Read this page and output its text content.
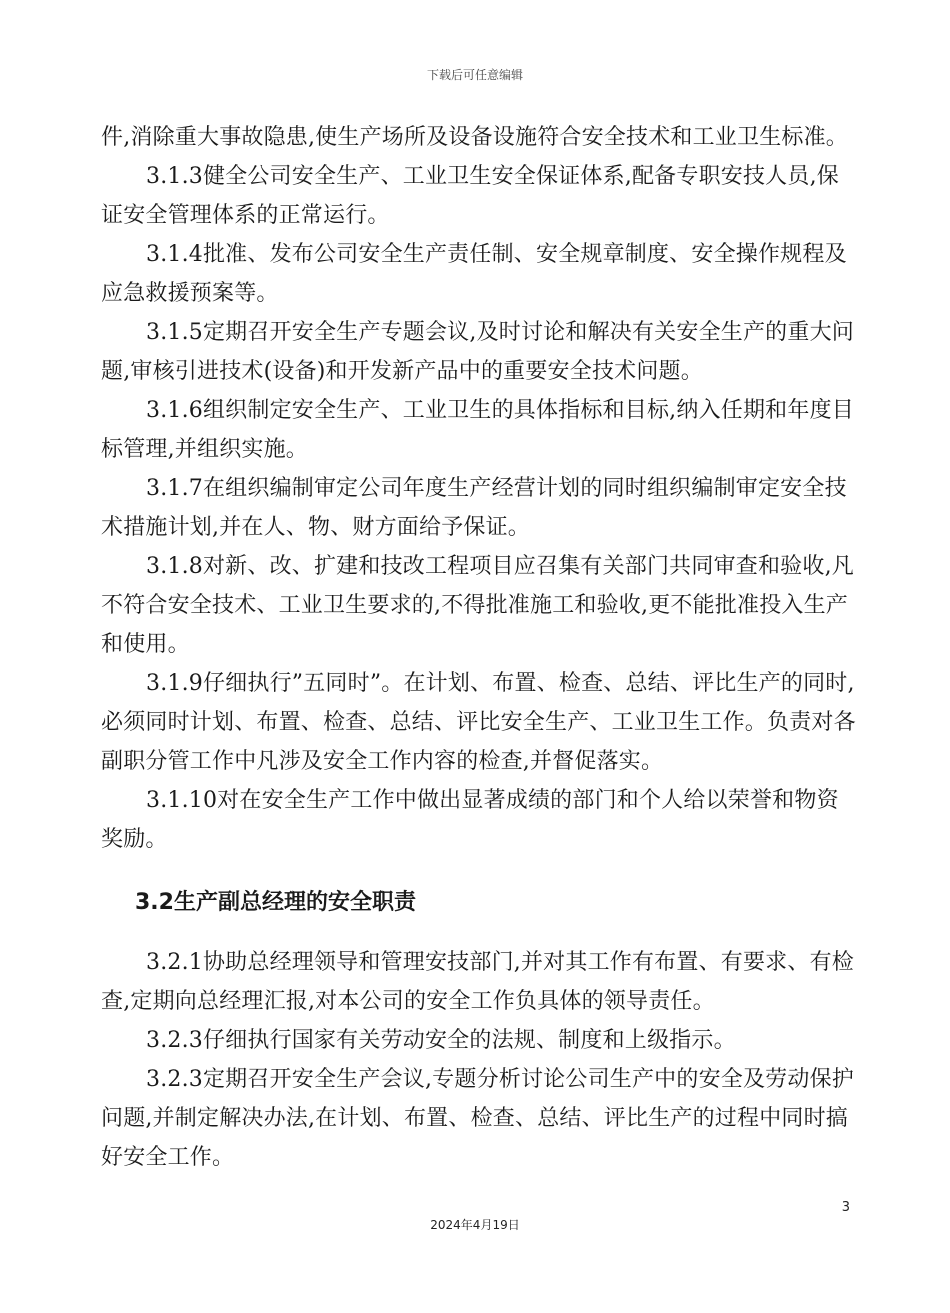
下载后可任意编辑

件,消除重大事故隐患,使生产场所及设备设施符合安全技术和工业卫生标准。

3.1.3健全公司安全生产、工业卫生安全保证体系,配备专职安技人员,保证安全管理体系的正常运行。

3.1.4批准、发布公司安全生产责任制、安全规章制度、安全操作规程及应急救援预案等。

3.1.5定期召开安全生产专题会议,及时讨论和解决有关安全生产的重大问题,审核引进技术(设备)和开发新产品中的重要安全技术问题。

3.1.6组织制定安全生产、工业卫生的具体指标和目标,纳入任期和年度目标管理,并组织实施。

3.1.7在组织编制审定公司年度生产经营计划的同时组织编制审定安全技术措施计划,并在人、物、财方面给予保证。

3.1.8对新、改、扩建和技改工程项目应召集有关部门共同审查和验收,凡不符合安全技术、工业卫生要求的,不得批准施工和验收,更不能批准投入生产和使用。

3.1.9仔细执行”五同时”。在计划、布置、检查、总结、评比生产的同时,必须同时计划、布置、检查、总结、评比安全生产、工业卫生工作。负责对各副职分管工作中凡涉及安全工作内容的检查,并督促落实。

3.1.10对在安全生产工作中做出显著成绩的部门和个人给以荣誉和物资奖励。

3.2生产副总经理的安全职责

3.2.1协助总经理领导和管理安技部门,并对其工作有布置、有要求、有检查,定期向总经理汇报,对本公司的安全工作负具体的领导责任。

3.2.3仔细执行国家有关劳动安全的法规、制度和上级指示。

3.2.3定期召开安全生产会议,专题分析讨论公司生产中的安全及劳动保护问题,并制定解决办法,在计划、布置、检查、总结、评比生产的过程中同时搞好安全工作。

3
2024年4月19日
